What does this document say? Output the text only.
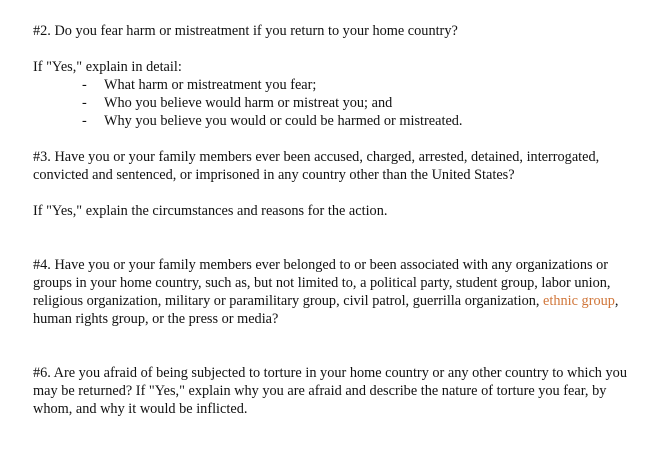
#2. Do you fear harm or mistreatment if you return to your home country?

If "Yes," explain in detail:

- What harm or mistreatment you fear;
- Who you believe would harm or mistreat you; and
- Why you believe you would or could be harmed or mistreated.

#3. Have you or your family members ever been accused, charged, arrested, detained, interrogated, convicted and sentenced, or imprisoned in any country other than the United States?

If "Yes," explain the circumstances and reasons for the action.

#4. Have you or your family members ever belonged to or been associated with any organizations or groups in your home country, such as, but not limited to, a political party, student group, labor union, religious organization, military or paramilitary group, civil patrol, guerrilla organization, ethnic group, human rights group, or the press or media?

#6. Are you afraid of being subjected to torture in your home country or any other country to which you may be returned? If "Yes," explain why you are afraid and describe the nature of torture you fear, by whom, and why it would be inflicted.
